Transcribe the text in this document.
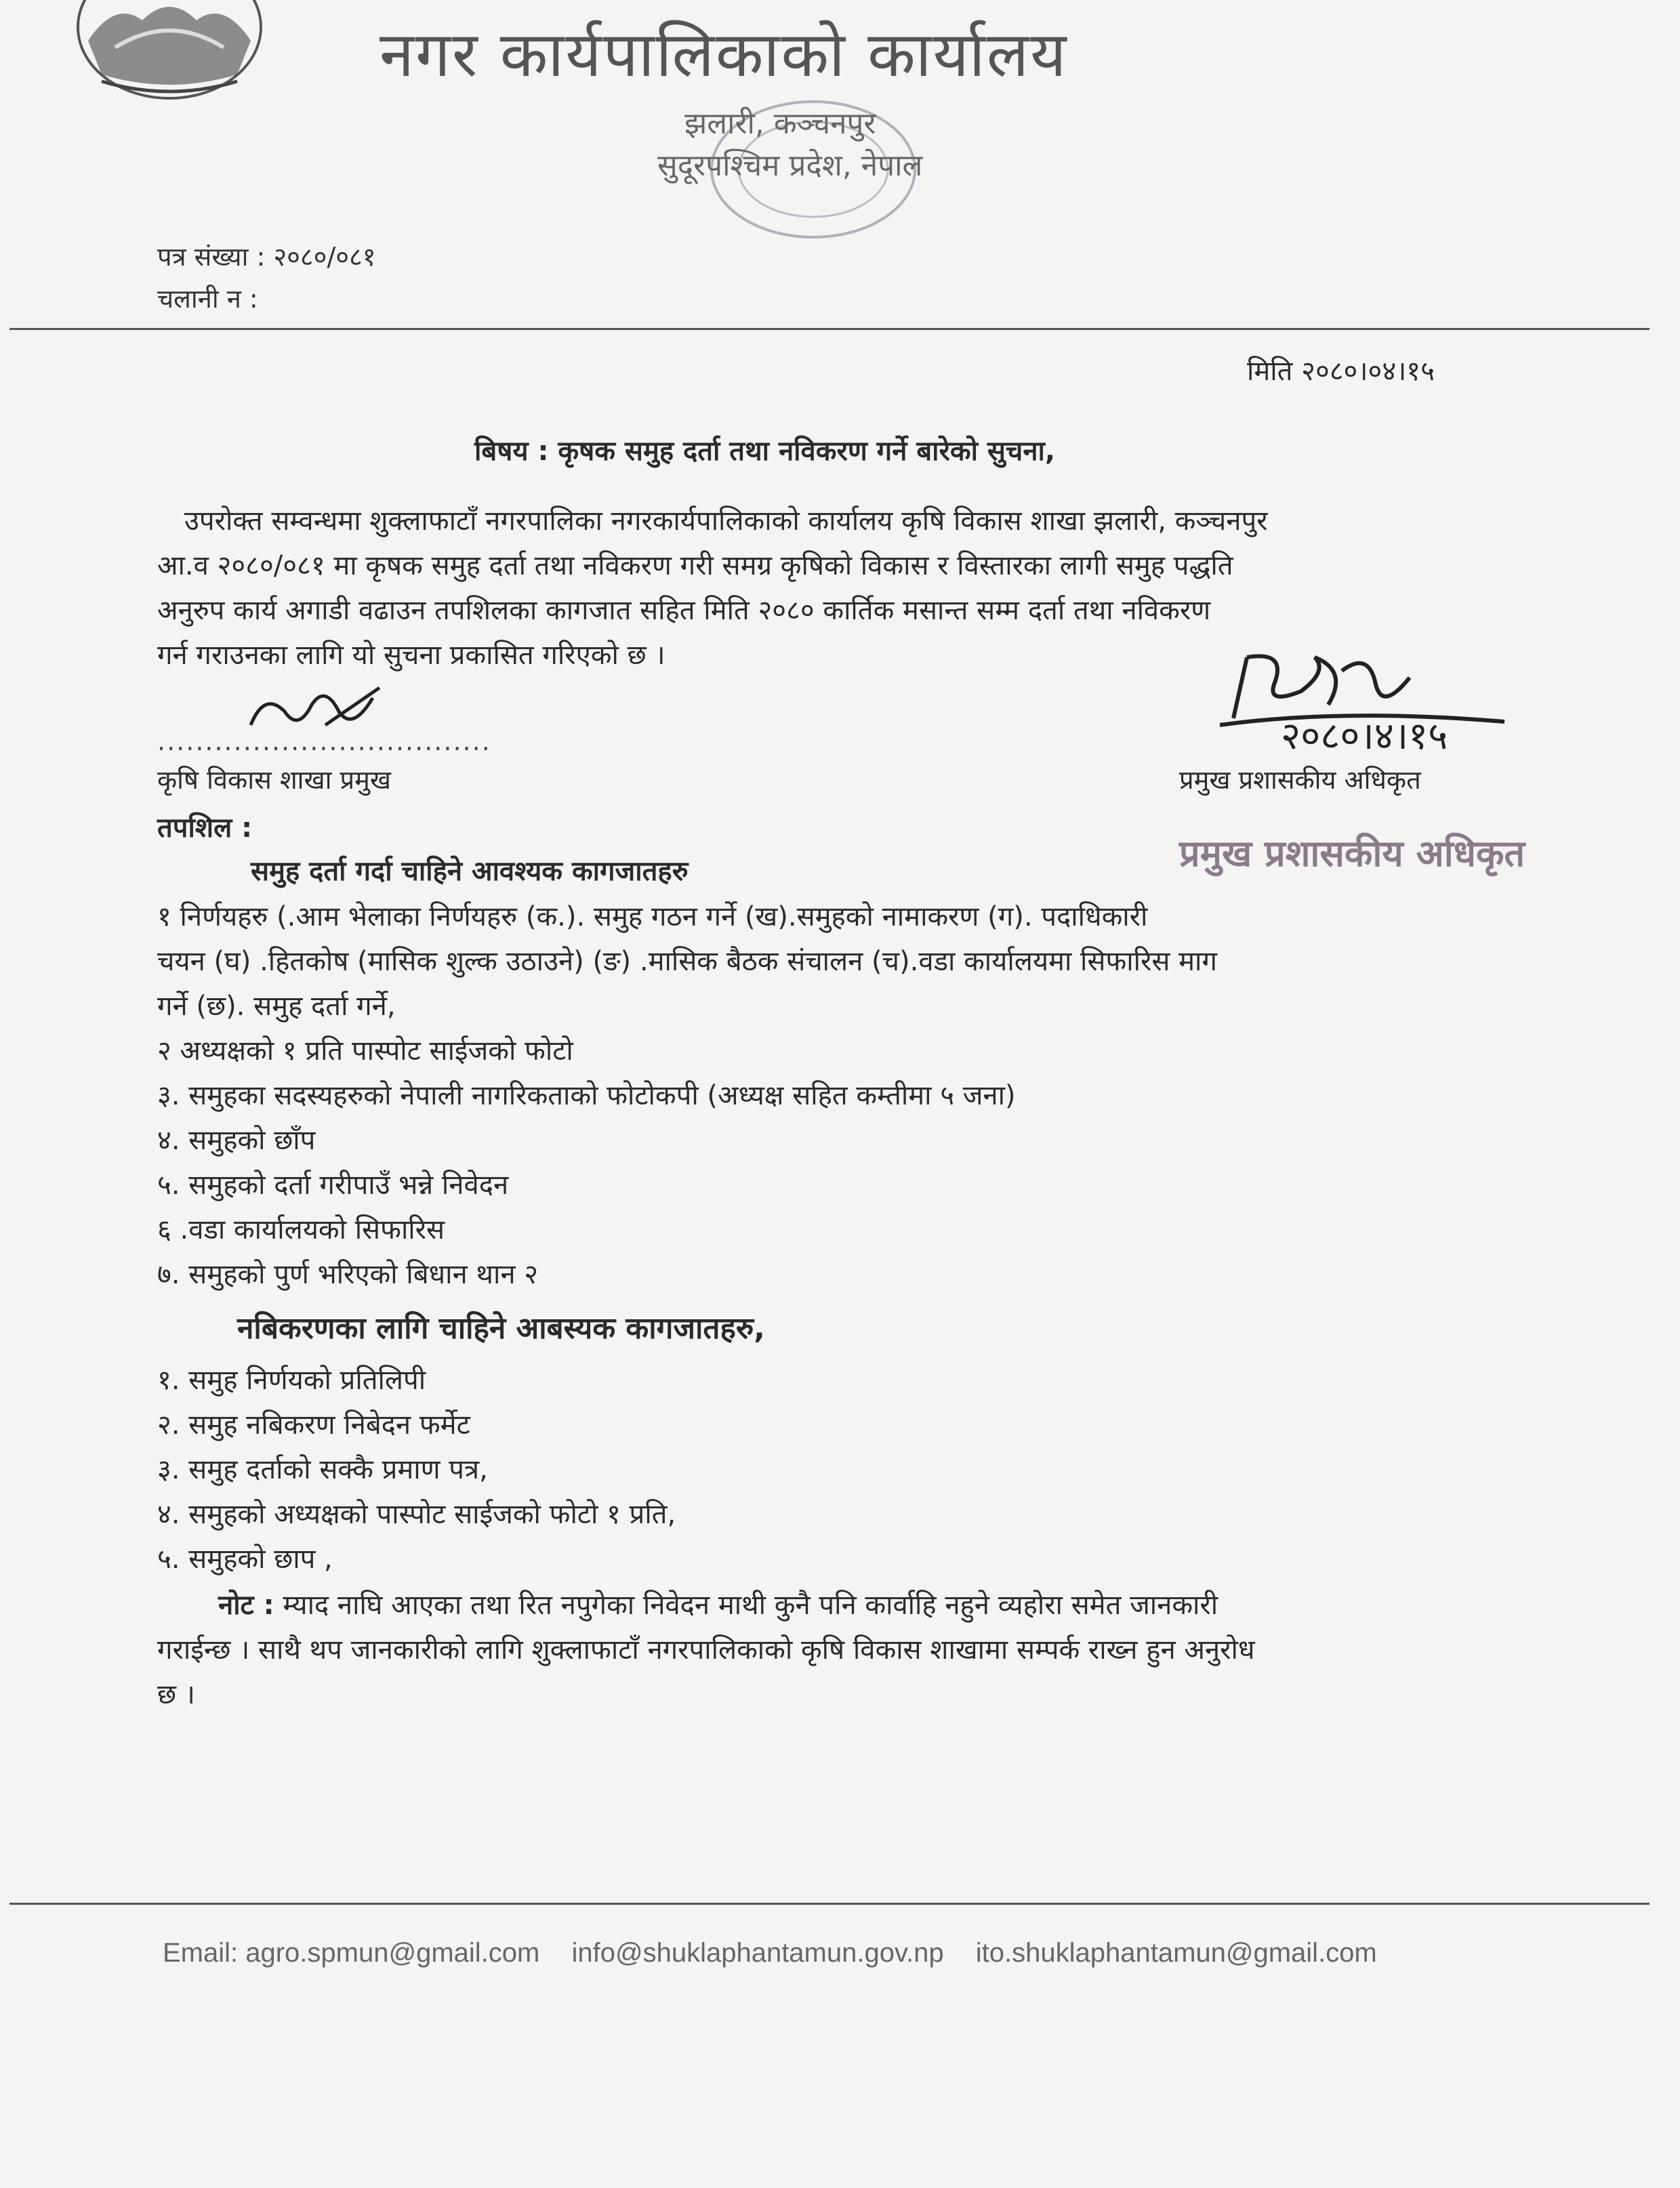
नगर कार्यपालिकाको कार्यालय
झलारी, कञ्चनपुर
सुदूरपश्चिम प्रदेश, नेपाल
पत्र संख्या : २०८०/०८१
चलानी न :
मिति २०८०।०४।१५
बिषय : कृषक समुह दर्ता तथा नविकरण गर्ने बारेको सुचना,
उपरोक्त सम्वन्धमा शुक्लाफाटाँ नगरपालिका नगरकार्यपालिकाको कार्यालय कृषि विकास शाखा झलारी, कञ्चनपुर
आ.व २०८०/०८१ मा कृषक समुह दर्ता तथा नविकरण गरी समग्र कृषिको विकास र विस्तारका लागी समुह पद्धति
अनुरुप कार्य अगाडी वढाउन तपशिलका कागजात सहित मिति २०८० कार्तिक मसान्त सम्म दर्ता तथा नविकरण
गर्न गराउनका लागि यो सुचना प्रकासित गरिएको छ ।
...................................	२०८०।४।१५
कृषि विकास शाखा प्रमुख	प्रमुख प्रशासकीय अधिकृत
प्रमुख प्रशासकीय अधिकृत
तपशिल :
समुह दर्ता गर्दा चाहिने आवश्यक कागजातहरु
१ निर्णयहरु (.आम भेलाका निर्णयहरु (क.). समुह गठन गर्ने (ख).समुहको नामाकरण (ग). पदाधिकारी
चयन (घ) .हितकोष (मासिक शुल्क उठाउने) (ङ) .मासिक बैठक संचालन (च).वडा कार्यालयमा सिफारिस माग
गर्ने (छ). समुह दर्ता गर्ने,
२ अध्यक्षको १ प्रति पास्पोट साईजको फोटो
३. समुहका सदस्यहरुको नेपाली नागरिकताको फोटोकपी (अध्यक्ष सहित कम्तीमा ५ जना)
४. समुहको छाँप
५. समुहको दर्ता गरीपाउँ भन्ने निवेदन
६ .वडा कार्यालयको सिफारिस
७. समुहको पुर्ण भरिएको बिधान थान २
नबिकरणका लागि चाहिने आबस्यक कागजातहरु,
१. समुह निर्णयको प्रतिलिपी
२. समुह नबिकरण निबेदन फर्मेट
३. समुह दर्ताको सक्कै प्रमाण पत्र,
४. समुहको अध्यक्षको पास्पोट साईजको फोटो १ प्रति,
५. समुहको छाप ,
नोट : म्याद नाघि आएका तथा रित नपुगेका निवेदन माथी कुनै पनि कार्वाहि नहुने व्यहोरा समेत जानकारी
गराईन्छ । साथै थप जानकारीको लागि शुक्लाफाटाँ नगरपालिकाको कृषि विकास शाखामा सम्पर्क राख्न हुन अनुरोध
छ ।
Email: agro.spmun@gmail.com info@shuklaphantamun.gov.np ito.shuklaphantamun@gmail.com
